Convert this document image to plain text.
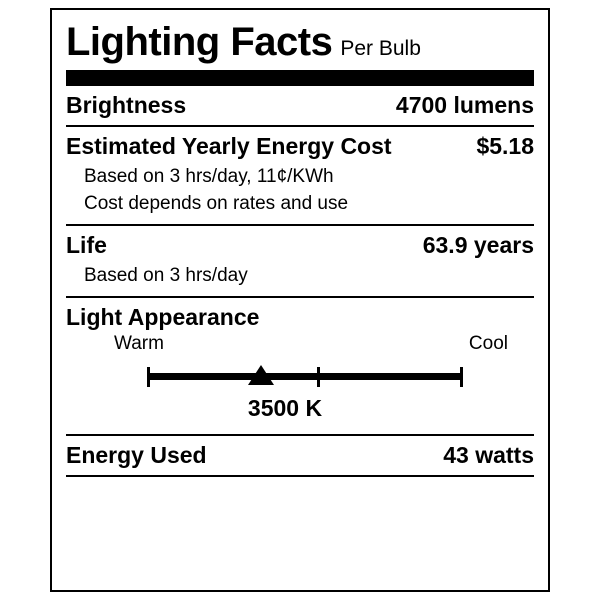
Lighting Facts Per Bulb
Brightness	4700 lumens
Estimated Yearly Energy Cost	$5.18
Based on 3 hrs/day, 11¢/KWh
Cost depends on rates and use
Life	63.9 years
Based on 3 hrs/day
Light Appearance
Warm	Cool
3500 K
Energy Used	43 watts
